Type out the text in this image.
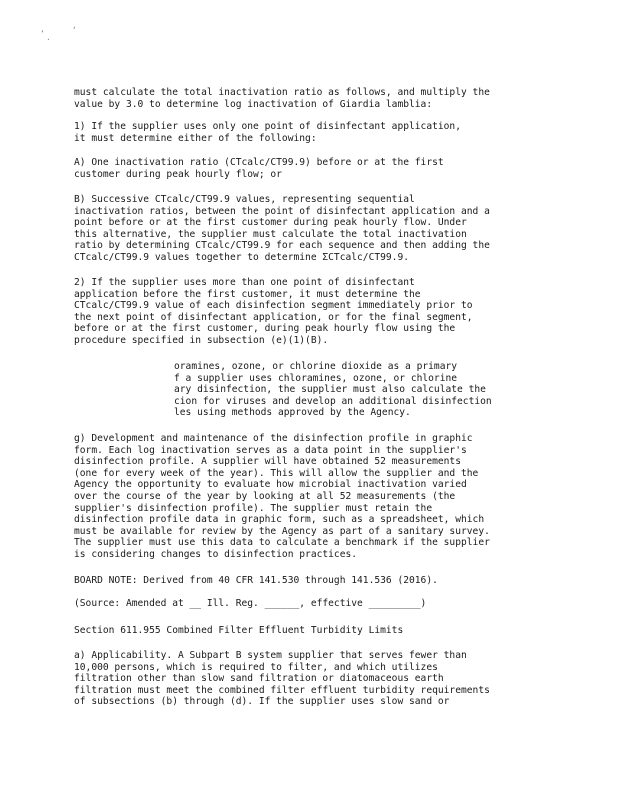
,
‘
·
must calculate the total inactivation ratio as follows, and multiply the
value by 3.0 to determine log inactivation of Giardia lamblia:
1) If the supplier uses only one point of disinfectant application,
it must determine either of the following:
A) One inactivation ratio (CTcalc/CT99.9) before or at the first
customer during peak hourly flow; or
B) Successive CTcalc/CT99.9 values, representing sequential
inactivation ratios, between the point of disinfectant application and a
point before or at the first customer during peak hourly flow. Under
this alternative, the supplier must calculate the total inactivation
ratio by determining CTcalc/CT99.9 for each sequence and then adding the
CTcalc/CT99.9 values together to determine ΣCTcalc/CT99.9.
2) If the supplier uses more than one point of disinfectant
application before the first customer, it must determine the
CTcalc/CT99.9 value of each disinfection segment immediately prior to
the next point of disinfectant application, or for the final segment,
before or at the first customer, during peak hourly flow using the
procedure specified in subsection (e)(1)(B).
oramines, ozone, or chlorine dioxide as a primary
f a supplier uses chloramines, ozone, or chlorine
ary disinfection, the supplier must also calculate the
cion for viruses and develop an additional disinfection
les using methods approved by the Agency.
g) Development and maintenance of the disinfection profile in graphic
form. Each log inactivation serves as a data point in the supplier's
disinfection profile. A supplier will have obtained 52 measurements
(one for every week of the year). This will allow the supplier and the
Agency the opportunity to evaluate how microbial inactivation varied
over the course of the year by looking at all 52 measurements (the
supplier's disinfection profile). The supplier must retain the
disinfection profile data in graphic form, such as a spreadsheet, which
must be available for review by the Agency as part of a sanitary survey.
The supplier must use this data to calculate a benchmark if the supplier
is considering changes to disinfection practices.
BOARD NOTE: Derived from 40 CFR 141.530 through 141.536 (2016).
(Source: Amended at __ Ill. Reg. ______, effective _________)
Section 611.955 Combined Filter Effluent Turbidity Limits
a) Applicability. A Subpart B system supplier that serves fewer than
10,000 persons, which is required to filter, and which utilizes
filtration other than slow sand filtration or diatomaceous earth
filtration must meet the combined filter effluent turbidity requirements
of subsections (b) through (d). If the supplier uses slow sand or
